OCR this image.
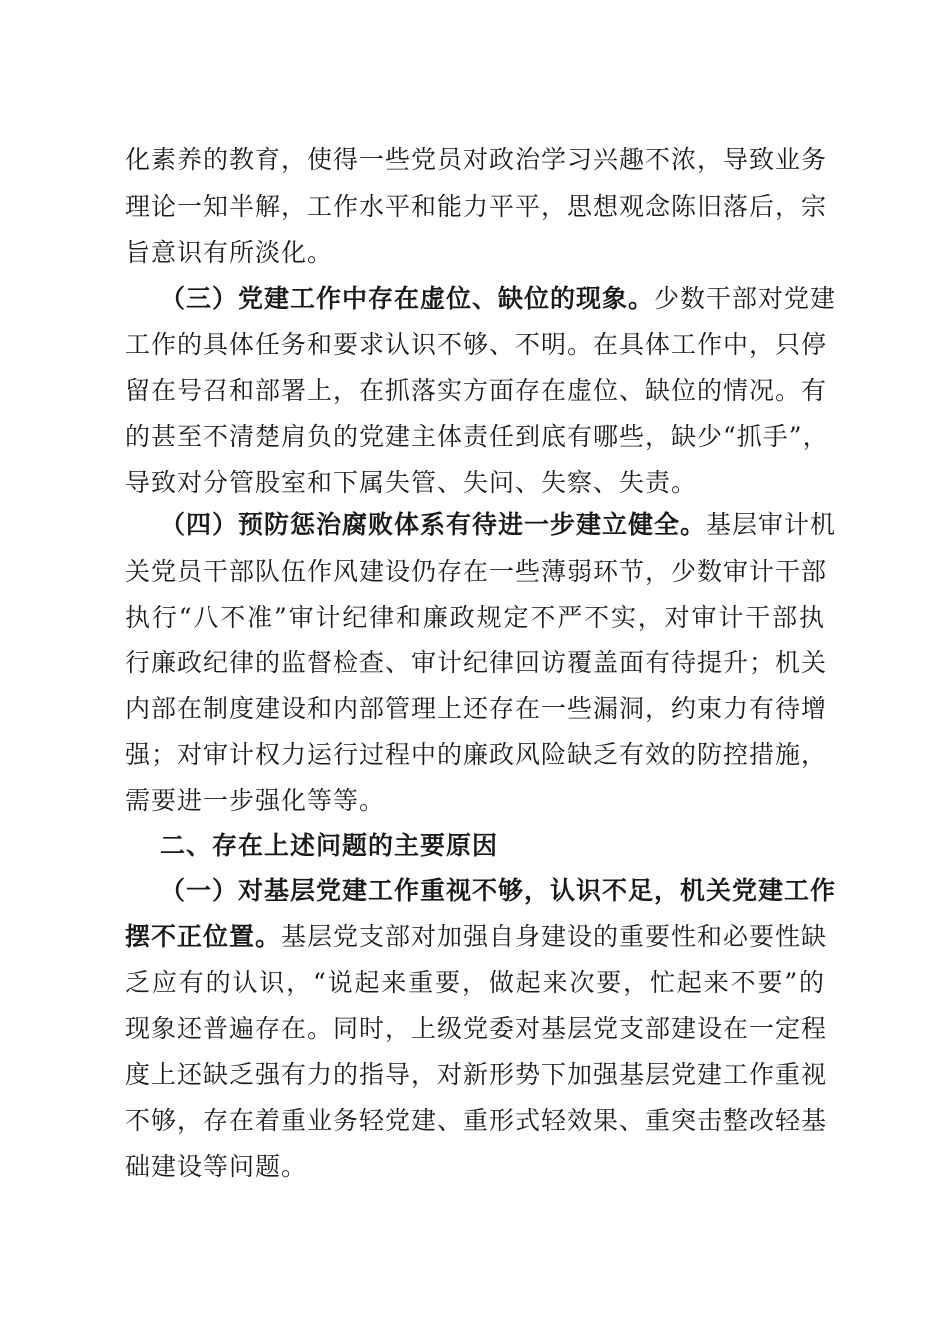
化素养的教育，使得一些党员对政治学习兴趣不浓，导致业务
理论一知半解，工作水平和能力平平，思想观念陈旧落后，宗
旨意识有所淡化。
（三）党建工作中存在虚位、缺位的现象。少数干部对党建
工作的具体任务和要求认识不够、不明。在具体工作中，只停
留在号召和部署上，在抓落实方面存在虚位、缺位的情况。有
的甚至不清楚肩负的党建主体责任到底有哪些，缺少“抓手”，
导致对分管股室和下属失管、失问、失察、失责。
（四）预防惩治腐败体系有待进一步建立健全。基层审计机
关党员干部队伍作风建设仍存在一些薄弱环节，少数审计干部
执行“八不准”审计纪律和廉政规定不严不实，对审计干部执
行廉政纪律的监督检查、审计纪律回访覆盖面有待提升；机关
内部在制度建设和内部管理上还存在一些漏洞，约束力有待增
强；对审计权力运行过程中的廉政风险缺乏有效的防控措施，
需要进一步强化等等。
二、存在上述问题的主要原因
（一）对基层党建工作重视不够，认识不足，机关党建工作
摆不正位置。基层党支部对加强自身建设的重要性和必要性缺
乏应有的认识，“说起来重要，做起来次要，忙起来不要”的
现象还普遍存在。同时，上级党委对基层党支部建设在一定程
度上还缺乏强有力的指导，对新形势下加强基层党建工作重视
不够，存在着重业务轻党建、重形式轻效果、重突击整改轻基
础建设等问题。
